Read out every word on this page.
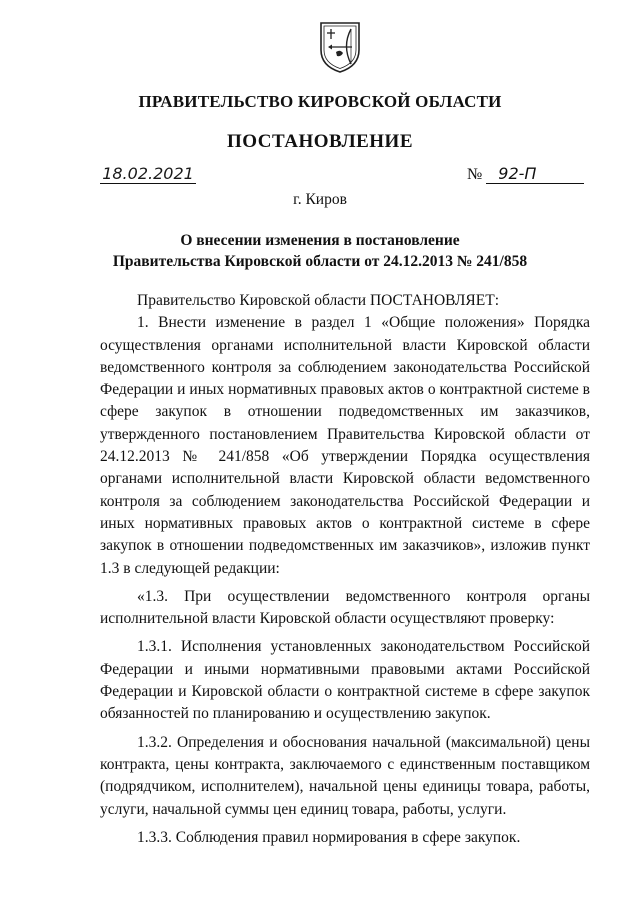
ПРАВИТЕЛЬСТВО КИРОВСКОЙ ОБЛАСТИ
ПОСТАНОВЛЕНИЕ
18.02.2021	№ 92-П
г. Киров
О внесении изменения в постановление
Правительства Кировской области от 24.12.2013 № 241/858

Правительство Кировской области ПОСТАНОВЛЯЕТ:

1. Внести изменение в раздел 1 «Общие положения» Порядка осуществления органами исполнительной власти Кировской области ведомственного контроля за соблюдением законодательства Российской Федерации и иных нормативных правовых актов о контрактной системе в сфере закупок в отношении подведомственных им заказчиков, утвержденного постановлением Правительства Кировской области от 24.12.2013 № 241/858 «Об утверждении Порядка осуществления органами исполнительной власти Кировской области ведомственного контроля за соблюдением законодательства Российской Федерации и иных нормативных правовых актов о контрактной системе в сфере закупок в отношении подведомственных им заказчиков», изложив пункт 1.3 в следующей редакции:

«1.3. При осуществлении ведомственного контроля органы исполнительной власти Кировской области осуществляют проверку:

1.3.1. Исполнения установленных законодательством Российской Федерации и иными нормативными правовыми актами Российской Федерации и Кировской области о контрактной системе в сфере закупок обязанностей по планированию и осуществлению закупок.

1.3.2. Определения и обоснования начальной (максимальной) цены контракта, цены контракта, заключаемого с единственным поставщиком (подрядчиком, исполнителем), начальной цены единицы товара, работы, услуги, начальной суммы цен единиц товара, работы, услуги.

1.3.3. Соблюдения правил нормирования в сфере закупок.
